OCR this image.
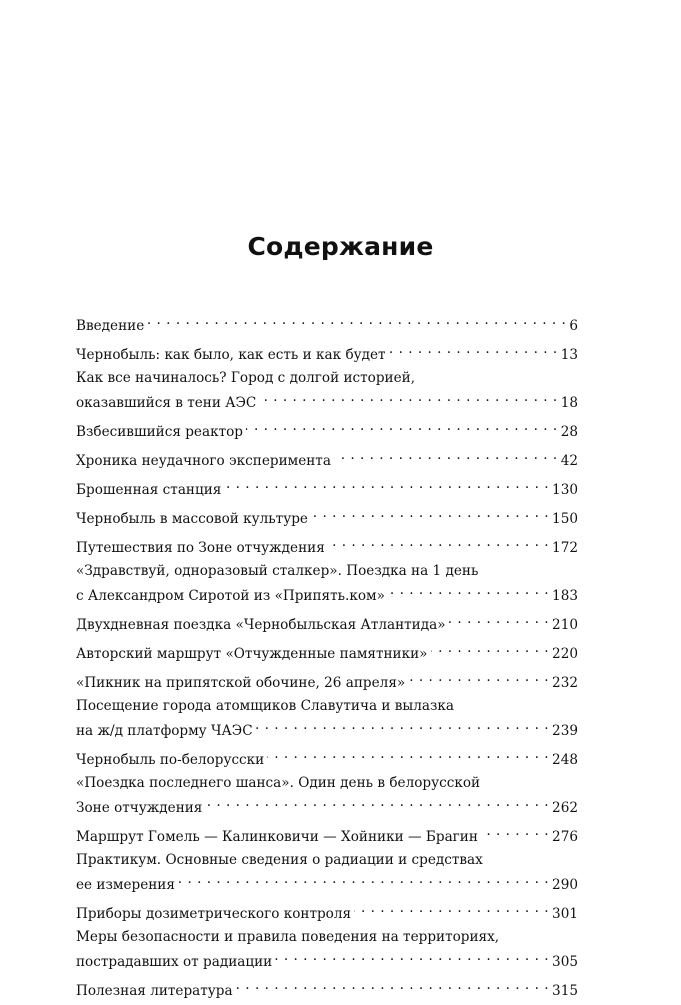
Содержание
Введение . . .	6
Чернобыль: как было, как есть и как будет . . .	13
Как все начиналось? Город с долгой историей,
оказавшийся в тени АЭС . . .	18
Взбесившийся реактор . . .	28
Хроника неудачного эксперимента . . .	42
Брошенная станция . . .	130
Чернобыль в массовой культуре . . .	150
Путешествия по Зоне отчуждения . . .	172
«Здравствуй, одноразовый сталкер». Поездка на 1 день
с Александром Сиротой из «Припять.ком» . . .	183
Двухдневная поездка «Чернобыльская Атлантида» . . .	210
Авторский маршрут «Отчужденные памятники» . . .	220
«Пикник на припятской обочине, 26 апреля» . . .	232
Посещение города атомщиков Славутича и вылазка
на ж/д платформу ЧАЭС . . .	239
Чернобыль по-белорусски . . .	248
«Поездка последнего шанса». Один день в белорусской
Зоне отчуждения . . .	262
Маршрут Гомель — Калинковичи — Хойники — Брагин . . .	276
Практикум. Основные сведения о радиации и средствах
ее измерения . . .	290
Приборы дозиметрического контроля . . .	301
Меры безопасности и правила поведения на территориях,
пострадавших от радиации . . .	305
Полезная литература . . .	315
